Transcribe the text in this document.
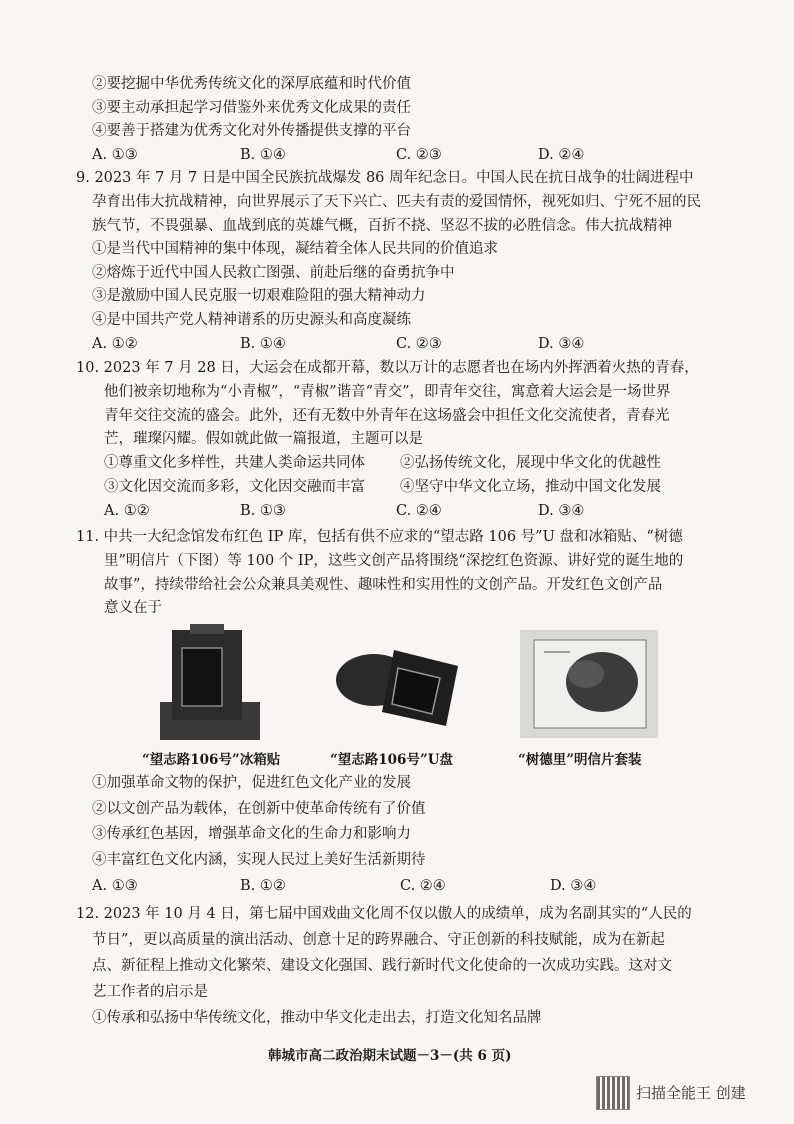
②要挖掘中华优秀传统文化的深厚底蕴和时代价值
③要主动承担起学习借鉴外来优秀文化成果的责任
④要善于搭建为优秀文化对外传播提供支撑的平台
A. ①③	B. ①④	C. ②③	D. ②④
9. 2023 年 7 月 7 日是中国全民族抗战爆发 86 周年纪念日。中国人民在抗日战争的壮阔进程中
孕育出伟大抗战精神，向世界展示了天下兴亡、匹夫有责的爱国情怀，视死如归、宁死不屈的民
族气节，不畏强暴、血战到底的英雄气概，百折不挠、坚忍不拔的必胜信念。伟大抗战精神
①是当代中国精神的集中体现，凝结着全体人民共同的价值追求
②熔炼于近代中国人民救亡图强、前赴后继的奋勇抗争中
③是激励中国人民克服一切艰难险阻的强大精神动力
④是中国共产党人精神谱系的历史源头和高度凝练
A. ①②	B. ①④	C. ②③	D. ③④
10. 2023 年 7 月 28 日，大运会在成都开幕，数以万计的志愿者也在场内外挥洒着火热的青春，
他们被亲切地称为“小青椒”，“青椒”谐音“青交”，即青年交往，寓意着大运会是一场世界
青年交往交流的盛会。此外，还有无数中外青年在这场盛会中担任文化交流使者，青春光
芒，璀璨闪耀。假如就此做一篇报道，主题可以是
①尊重文化多样性，共建人类命运共同体 ②弘扬传统文化，展现中华文化的优越性
③文化因交流而多彩，文化因交融而丰富 ④坚守中华文化立场，推动中国文化发展
A. ①②	B. ①③	C. ②④	D. ③④
11. 中共一大纪念馆发布红色 IP 库，包括有供不应求的“望志路 106 号”U 盘和冰箱贴、“树德
里”明信片（下图）等 100 个 IP，这些文创产品将围绕“深挖红色资源、讲好党的诞生地的
故事”，持续带给社会公众兼具美观性、趣味性和实用性的文创产品。开发红色文创产品
意义在于
“望志路106号”冰箱贴	“望志路106号”U盘	“树德里”明信片套装
①加强革命文物的保护，促进红色文化产业的发展
②以文创产品为载体，在创新中使革命传统有了价值
③传承红色基因，增强革命文化的生命力和影响力
④丰富红色文化内涵，实现人民过上美好生活新期待
A. ①③	B. ①②	C. ②④	D. ③④
12. 2023 年 10 月 4 日，第七届中国戏曲文化周不仅以傲人的成绩单，成为名副其实的“人民的
节日”，更以高质量的演出活动、创意十足的跨界融合、守正创新的科技赋能，成为在新起
点、新征程上推动文化繁荣、建设文化强国、践行新时代文化使命的一次成功实践。这对文
艺工作者的启示是
①传承和弘扬中华传统文化，推动中华文化走出去，打造文化知名品牌
韩城市高二政治期末试题－3－(共 6 页)
扫描全能王 创建
